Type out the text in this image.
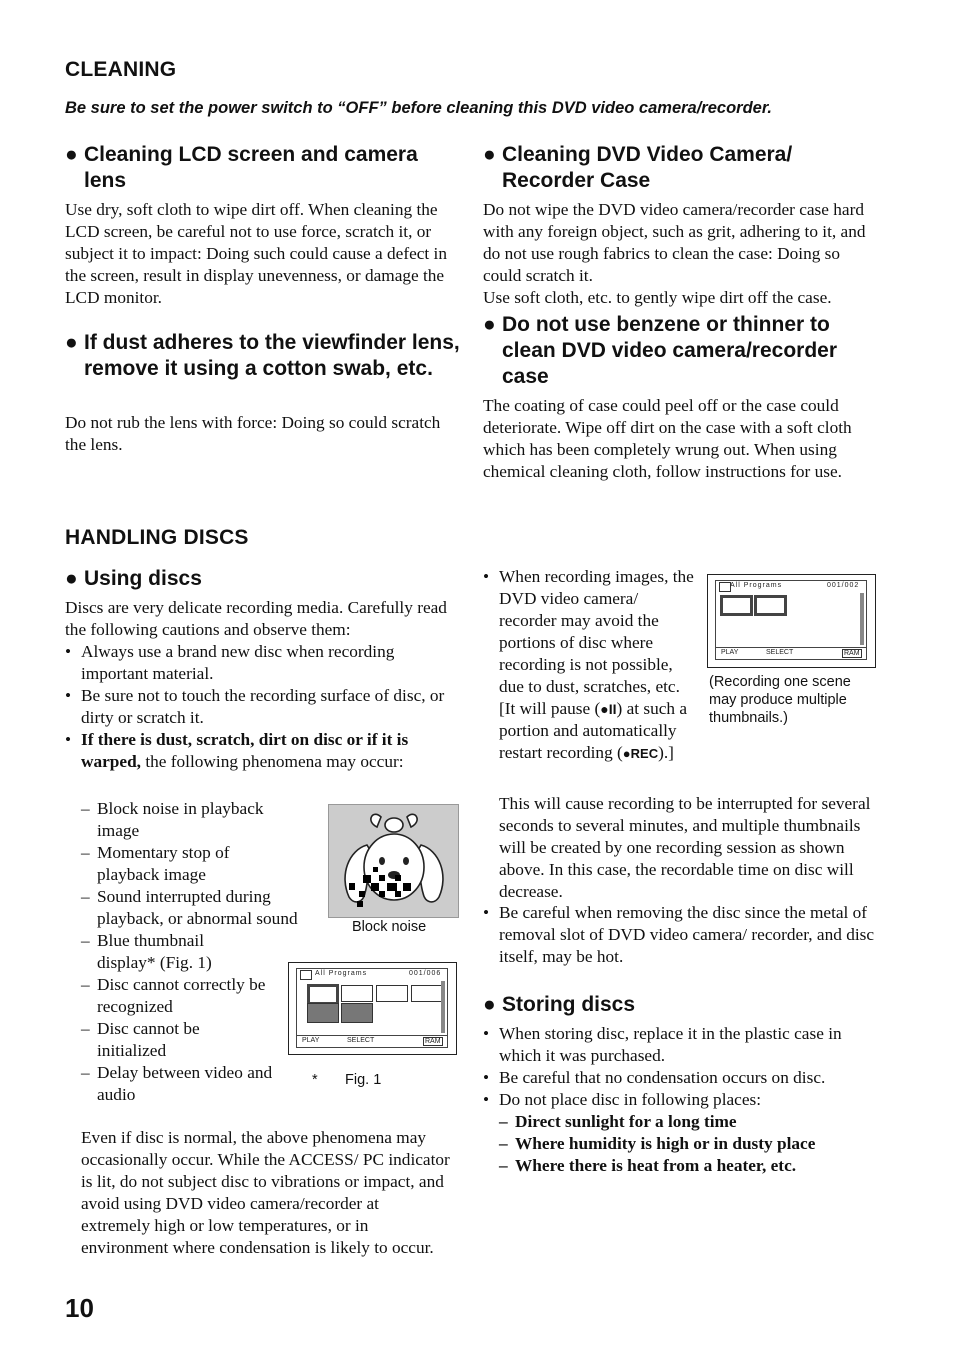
CLEANING
Be sure to set the power switch to “OFF” before cleaning this DVD video camera/recorder.
● Cleaning LCD screen and camera lens

Use dry, soft cloth to wipe dirt off. When cleaning the LCD screen, be careful not to use force, scratch it, or subject it to impact: Doing such could cause a defect in the screen, result in display unevenness, or damage the LCD monitor.

● If dust adheres to the viewfinder lens, remove it using a cotton swab, etc.

Do not rub the lens with force: Doing so could scratch the lens.

● Cleaning DVD Video Camera/ Recorder Case

Do not wipe the DVD video camera/recorder case hard with any foreign object, such as grit, adhering to it, and do not use rough fabrics to clean the case: Doing so could scratch it.

Use soft cloth, etc. to gently wipe dirt off the case.

● Do not use benzene or thinner to clean DVD video camera/recorder case

The coating of case could peel off or the case could deteriorate. Wipe off dirt on the case with a soft cloth which has been completely wrung out. When using chemical cleaning cloth, follow instructions for use.

HANDLING DISCS
● Using discs

Discs are very delicate recording media. Carefully read the following cautions and observe them:

• Always use a brand new disc when recording important material.
• Be sure not to touch the recording surface of disc, or dirty or scratch it.
• If there is dust, scratch, dirt on disc or if it is warped, the following phenomena may occur:
– Block noise in playback image
– Momentary stop of playback image
– Sound interrupted during playback, or abnormal sound
– Blue thumbnail display* (Fig. 1)
– Disc cannot correctly be recognized
– Disc cannot be initialized
– Delay between video and audio

Even if disc is normal, the above phenomena may occasionally occur. While the ACCESS/ PC indicator is lit, do not subject disc to vibrations or impact, and avoid using DVD video camera/recorder at extremely high or low temperatures, or in environment where condensation is likely to occur.

Block noise
All Programs	001/006
PLAY	SELECT	RAM
* Fig. 1
• When recording images, the DVD video camera/ recorder may avoid the portions of disc where recording is not possible, due to dust, scratches, etc. [It will pause (●II) at such a portion and automatically restart recording (●REC).]

This will cause recording to be interrupted for several seconds to several minutes, and multiple thumbnails will be created by one recording session as shown above. In this case, the recordable time on disc will decrease.

All Programs	001/002
PLAY	SELECT	RAM
(Recording one scene may produce multiple thumbnails.)
• Be careful when removing the disc since the metal of removal slot of DVD video camera/ recorder, and disc itself, may be hot.
● Storing discs
• When storing disc, replace it in the plastic case in which it was purchased.
• Be careful that no condensation occurs on disc.
• Do not place disc in following places:
– Direct sunlight for a long time
– Where humidity is high or in dusty place
– Where there is heat from a heater, etc.
10
